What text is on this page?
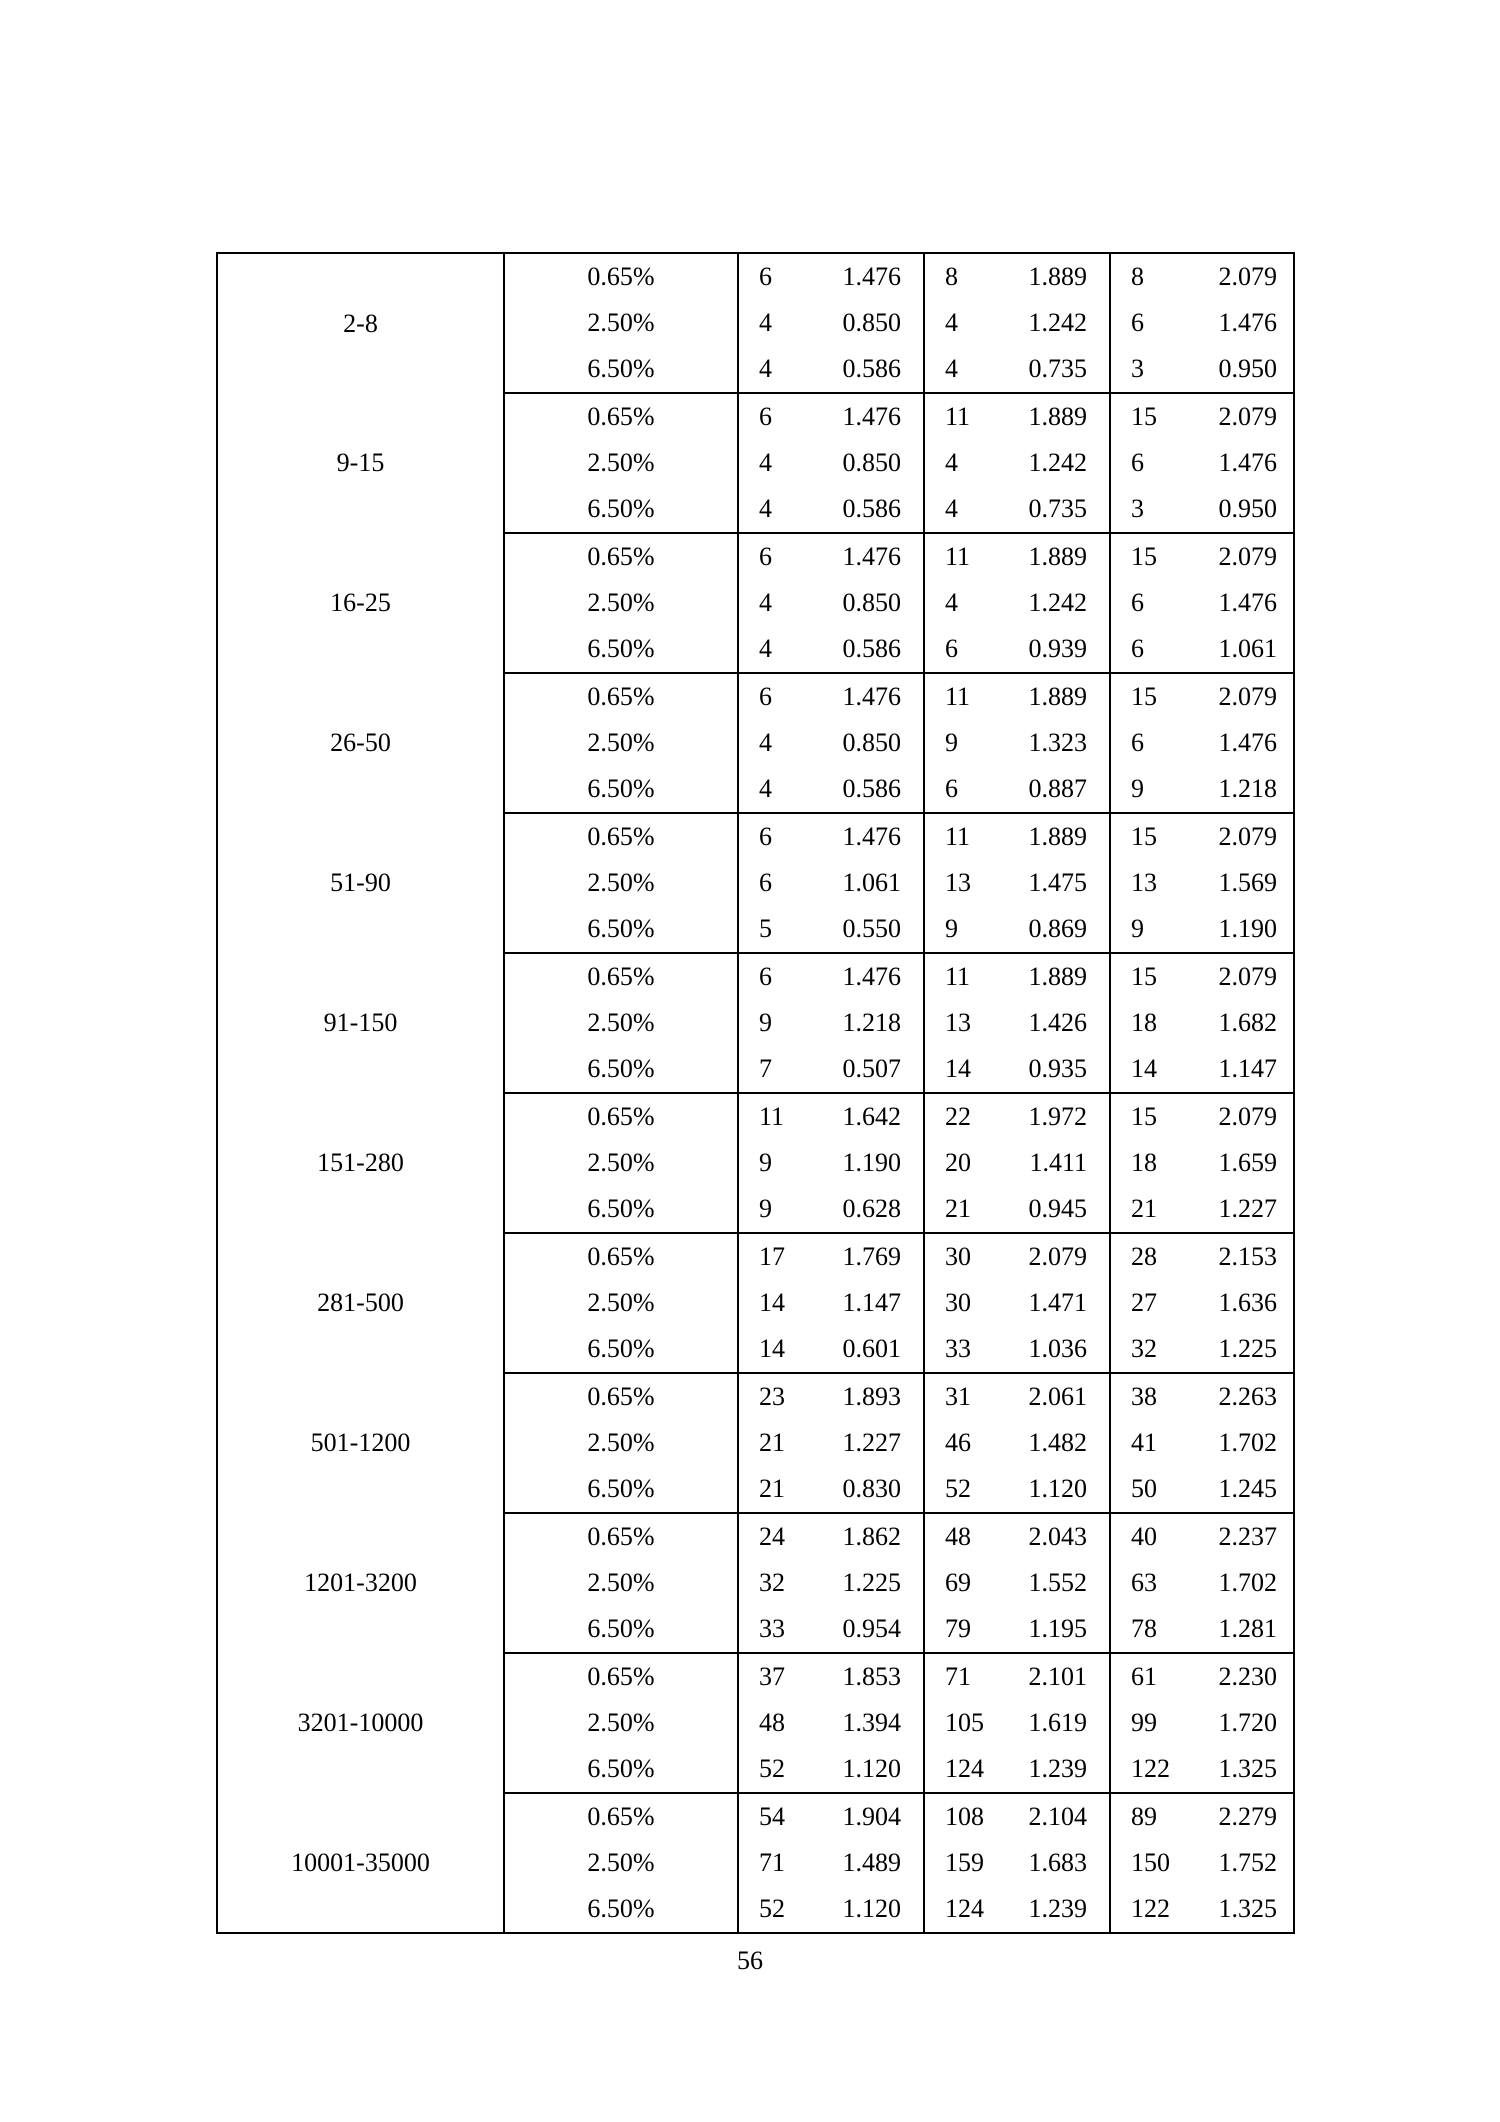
2-8	0.65%	6	1.476	8	1.889	8	2.079
	2.50%	4	0.850	4	1.242	6	1.476
	6.50%	4	0.586	4	0.735	3	0.950
9-15	0.65%	6	1.476	11	1.889	15	2.079
	2.50%	4	0.850	4	1.242	6	1.476
	6.50%	4	0.586	4	0.735	3	0.950
16-25	0.65%	6	1.476	11	1.889	15	2.079
	2.50%	4	0.850	4	1.242	6	1.476
	6.50%	4	0.586	6	0.939	6	1.061
26-50	0.65%	6	1.476	11	1.889	15	2.079
	2.50%	4	0.850	9	1.323	6	1.476
	6.50%	4	0.586	6	0.887	9	1.218
51-90	0.65%	6	1.476	11	1.889	15	2.079
	2.50%	6	1.061	13	1.475	13	1.569
	6.50%	5	0.550	9	0.869	9	1.190
91-150	0.65%	6	1.476	11	1.889	15	2.079
	2.50%	9	1.218	13	1.426	18	1.682
	6.50%	7	0.507	14	0.935	14	1.147
151-280	0.65%	11	1.642	22	1.972	15	2.079
	2.50%	9	1.190	20	1.411	18	1.659
	6.50%	9	0.628	21	0.945	21	1.227
281-500	0.65%	17	1.769	30	2.079	28	2.153
	2.50%	14	1.147	30	1.471	27	1.636
	6.50%	14	0.601	33	1.036	32	1.225
501-1200	0.65%	23	1.893	31	2.061	38	2.263
	2.50%	21	1.227	46	1.482	41	1.702
	6.50%	21	0.830	52	1.120	50	1.245
1201-3200	0.65%	24	1.862	48	2.043	40	2.237
	2.50%	32	1.225	69	1.552	63	1.702
	6.50%	33	0.954	79	1.195	78	1.281
3201-10000	0.65%	37	1.853	71	2.101	61	2.230
	2.50%	48	1.394	105	1.619	99	1.720
	6.50%	52	1.120	124	1.239	122	1.325
10001-35000	0.65%	54	1.904	108	2.104	89	2.279
	2.50%	71	1.489	159	1.683	150	1.752
	6.50%	52	1.120	124	1.239	122	1.325
56
